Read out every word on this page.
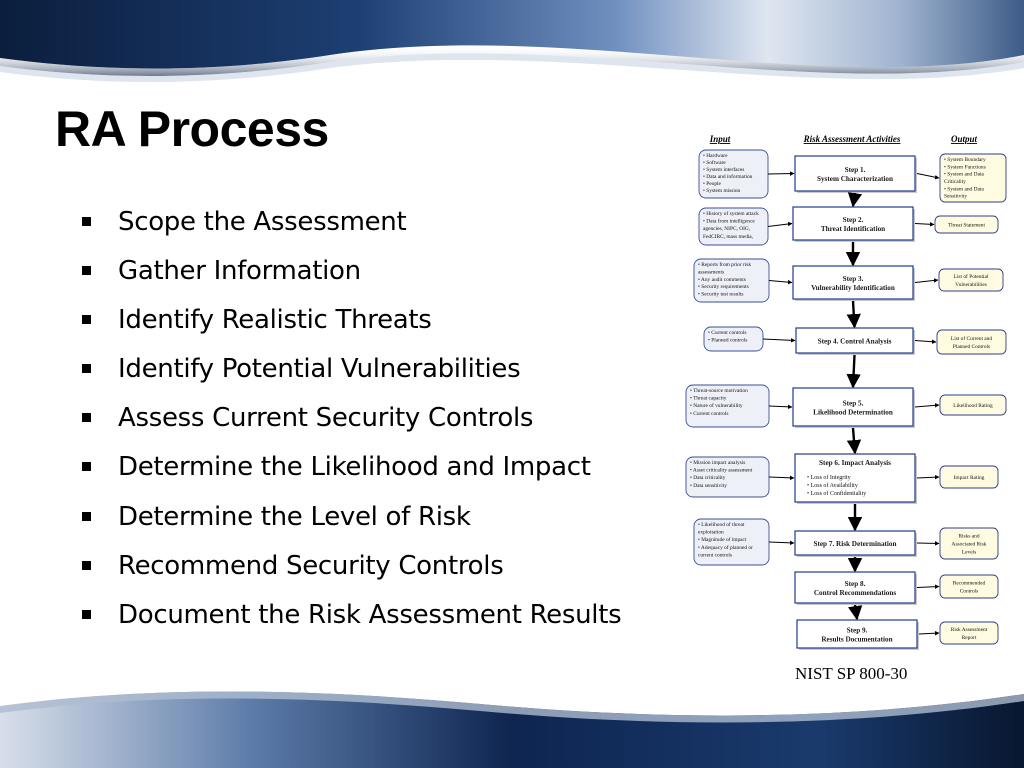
RA Process
Scope the Assessment
Gather Information
Identify Realistic Threats
Identify Potential Vulnerabilities
Assess Current Security Controls
Determine the Likelihood and Impact
Determine the Level of Risk
Recommend Security Controls
Document the Risk Assessment Results
Input	Risk Assessment Activities	Output
Step 1.
System Characterization
• Hardware
• Software
• System interfaces
• Data and information
• People
• System mission
• System Boundary
• System Functions
• System and Data
Criticality
• System and Data
Sensitivity
Step 2.
Threat Identification
• History of system attack
• Data from intelligence
agencies, NIPC, OIG,
FedCIRC, mass media,
Threat Statement
Step 3.
Vulnerability Identification
• Reports from prior risk
assessments
• Any audit comments
• Security requirements
• Security test results
List of Potential
Vulnerabilities
Step 4. Control Analysis
• Current controls
• Planned controls	List of Current and
Planned Controls
Step 5.
Likelihood Determination
• Threat-source motivation
• Threat capacity
• Nature of vulnerability
• Current controls
Likelihood Rating
Step 6. Impact Analysis
• Loss of Integrity
• Loss of Availability
• Loss of Confidentiality
• Mission impact analysis
• Asset criticality assessment
• Data criticality
• Data sensitivity
Impact Rating
Step 7. Risk Determination
• Likelihood of threat
exploitation
• Magnitude of impact
• Adequacy of planned or
current controls
Risks and
Associated Risk
Levels
Step 8.
Control Recommendations
Recommended
Controls
Step 9.
Results Documentation
Risk Assessment
Report
NIST SP 800-30
